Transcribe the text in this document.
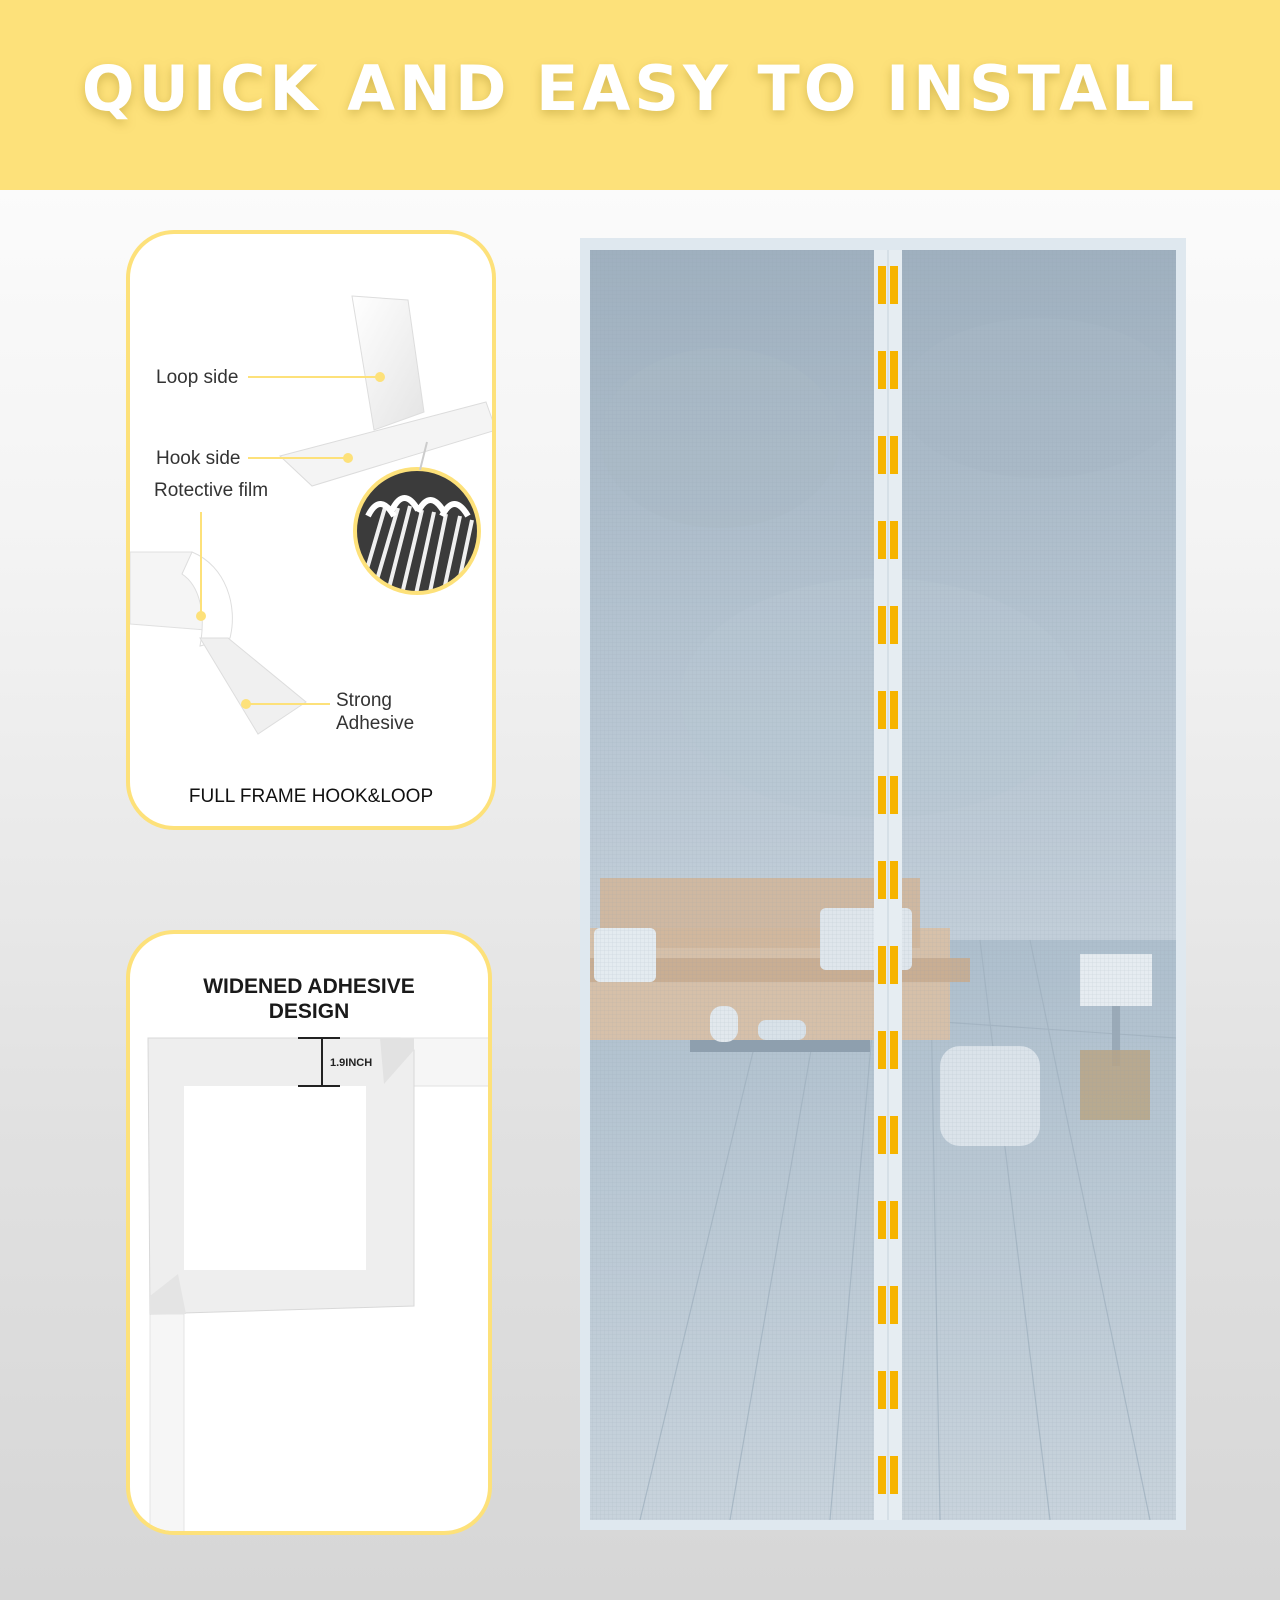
QUICK AND EASY TO INSTALL
Loop side
Hook side
Rotective film
Strong
Adhesive
FULL FRAME HOOK&LOOP
WIDENED ADHESIVE
DESIGN
1.9INCH
